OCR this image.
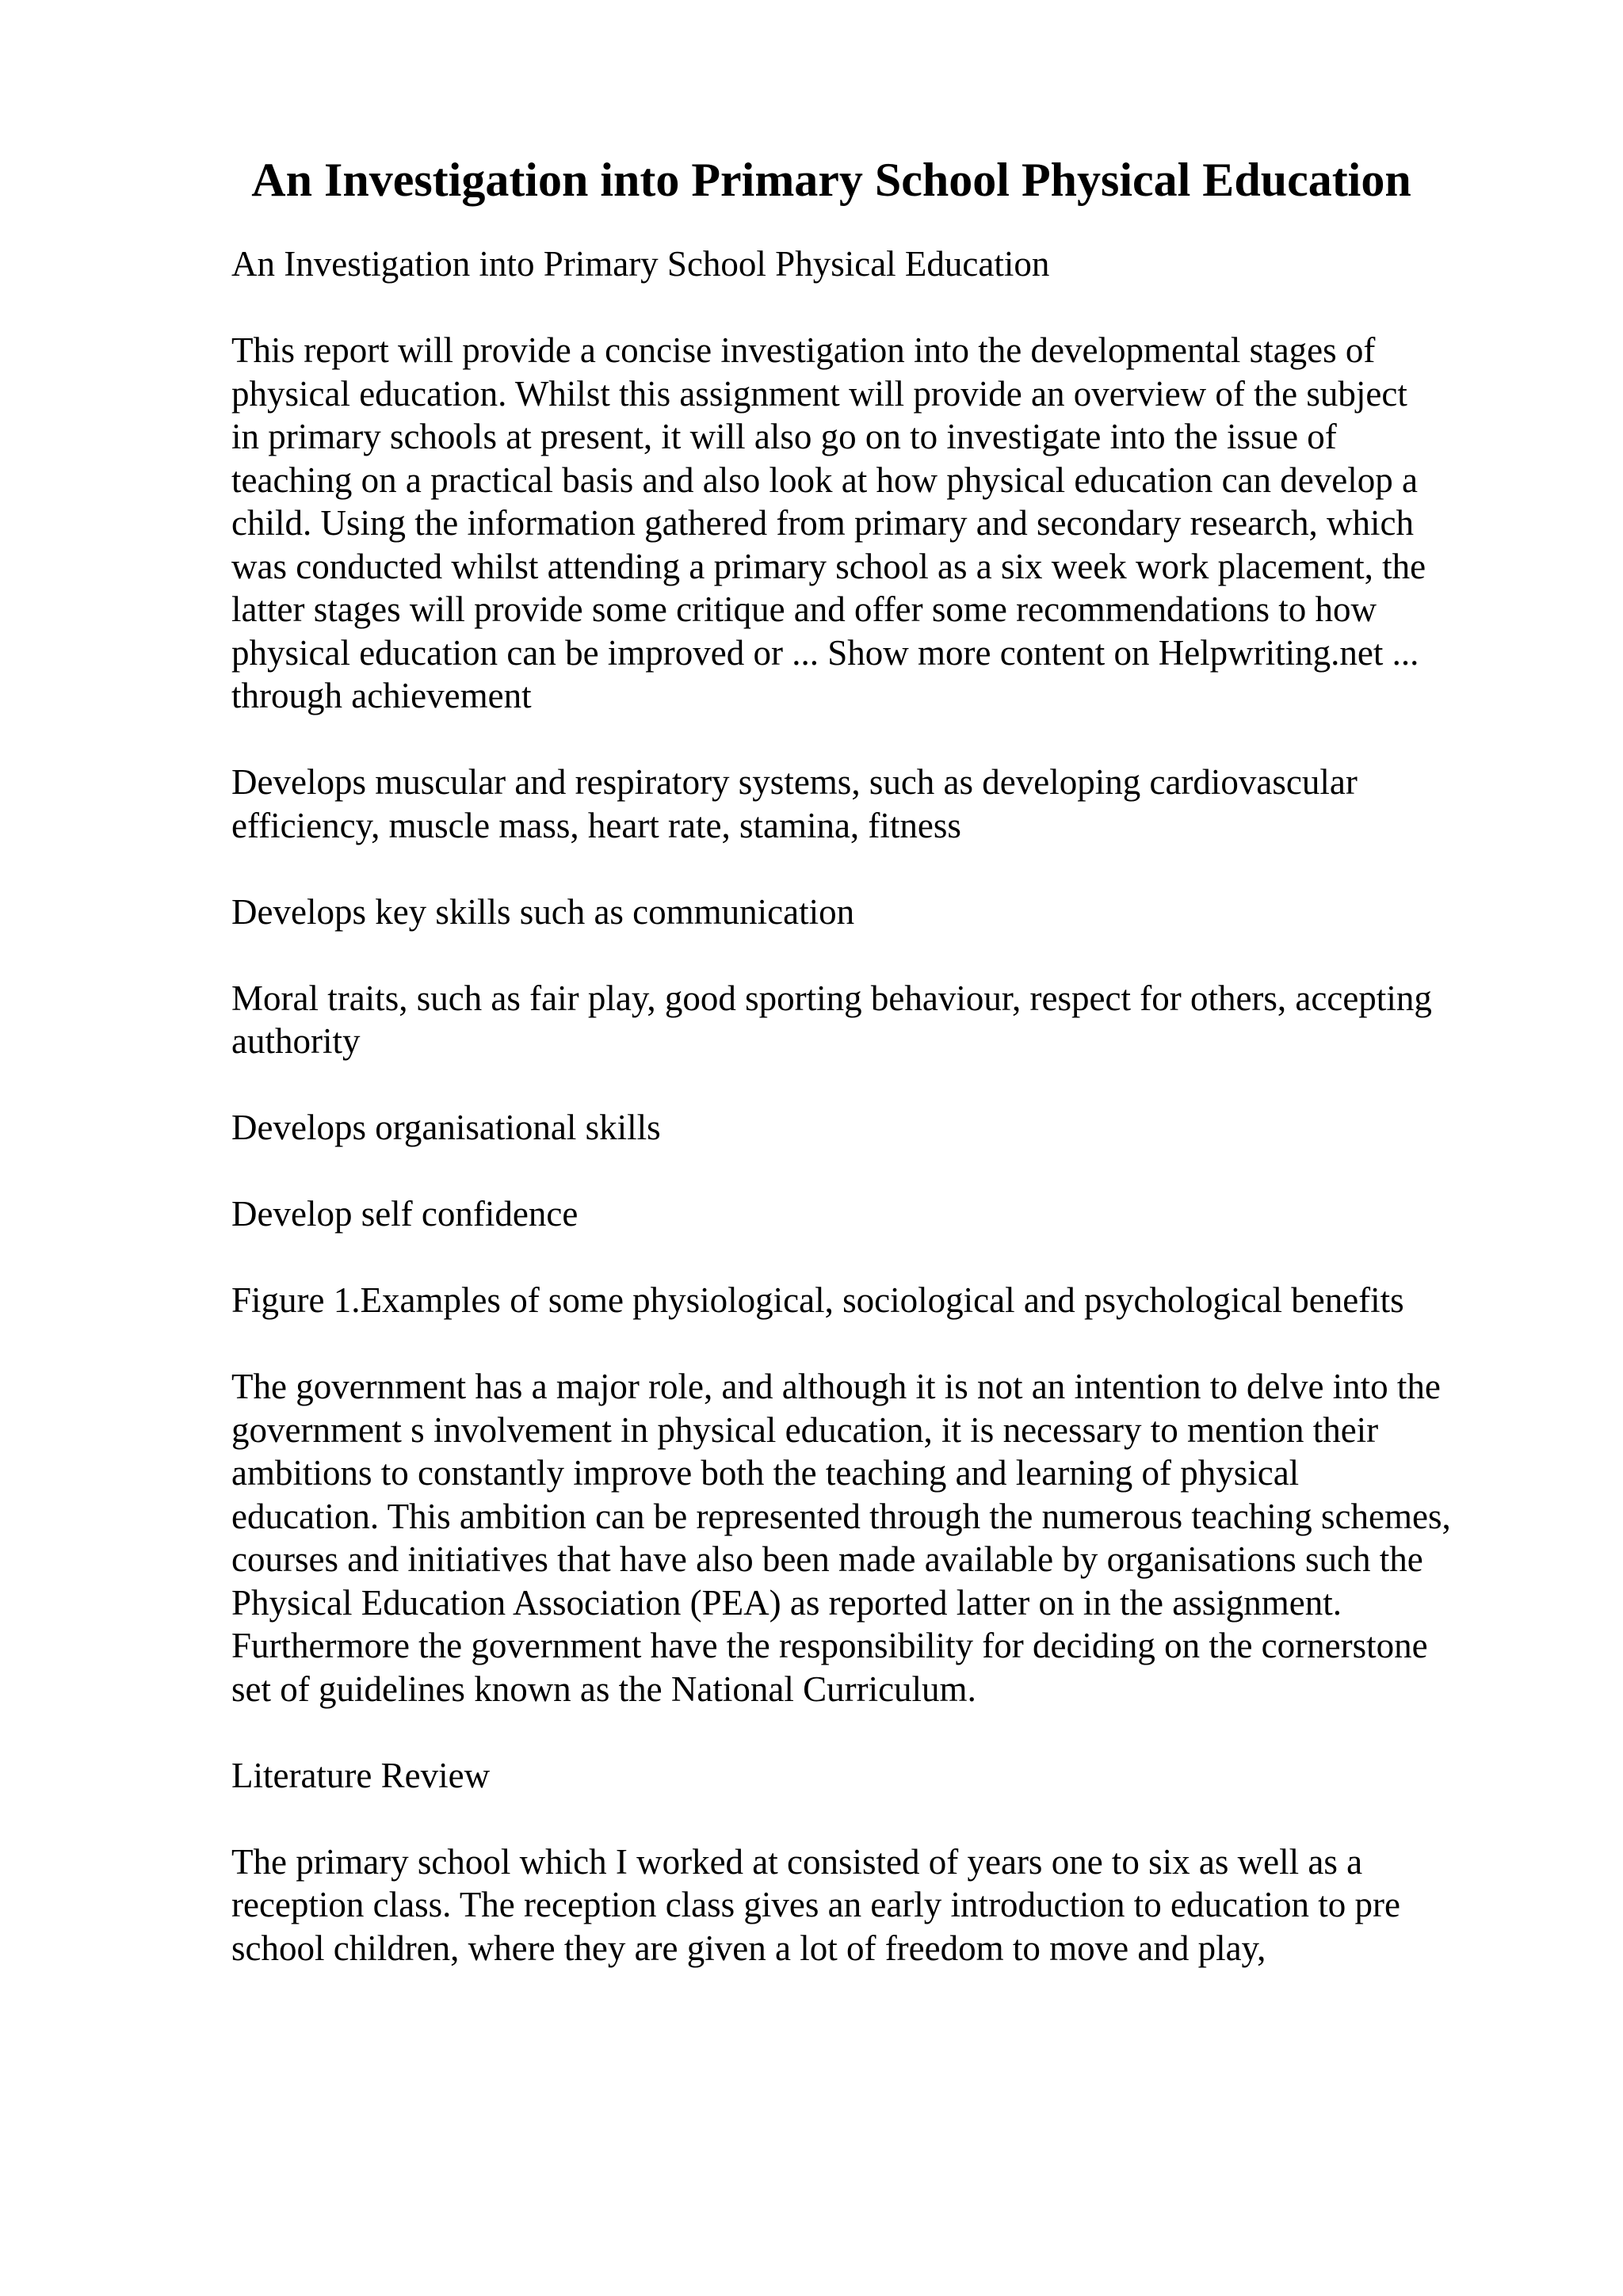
An Investigation into Primary School Physical Education

An Investigation into Primary School Physical Education

This report will provide a concise investigation into the developmental stages of
physical education. Whilst this assignment will provide an overview of the subject
in primary schools at present, it will also go on to investigate into the issue of
teaching on a practical basis and also look at how physical education can develop a
child. Using the information gathered from primary and secondary research, which
was conducted whilst attending a primary school as a six week work placement, the
latter stages will provide some critique and offer some recommendations to how
physical education can be improved or ... Show more content on Helpwriting.net ...
through achievement

Develops muscular and respiratory systems, such as developing cardiovascular
efficiency, muscle mass, heart rate, stamina, fitness

Develops key skills such as communication

Moral traits, such as fair play, good sporting behaviour, respect for others, accepting
authority

Develops organisational skills

Develop self confidence

Figure 1.Examples of some physiological, sociological and psychological benefits

The government has a major role, and although it is not an intention to delve into the
government s involvement in physical education, it is necessary to mention their
ambitions to constantly improve both the teaching and learning of physical
education. This ambition can be represented through the numerous teaching schemes,
courses and initiatives that have also been made available by organisations such the
Physical Education Association (PEA) as reported latter on in the assignment.
Furthermore the government have the responsibility for deciding on the cornerstone
set of guidelines known as the National Curriculum.

Literature Review

The primary school which I worked at consisted of years one to six as well as a
reception class. The reception class gives an early introduction to education to pre
school children, where they are given a lot of freedom to move and play,
